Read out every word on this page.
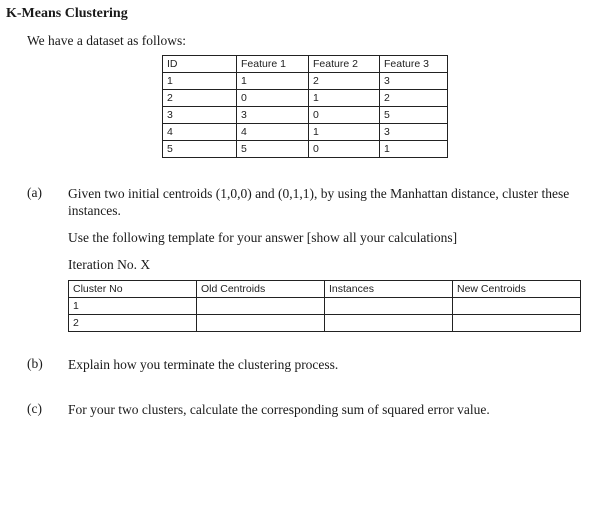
K-Means Clustering
We have a dataset as follows:
ID	Feature 1	Feature 2	Feature 3
1	1	2	3
2	0	1	2
3	3	0	5
4	4	1	3
5	5	0	1
(a) Given two initial centroids (1,0,0) and (0,1,1), by using the Manhattan distance, cluster these
instances.
Use the following template for your answer [show all your calculations]
Iteration No. X
Cluster No	Old Centroids	Instances	New Centroids
1			
2			
(b) Explain how you terminate the clustering process.
(c) For your two clusters, calculate the corresponding sum of squared error value.
